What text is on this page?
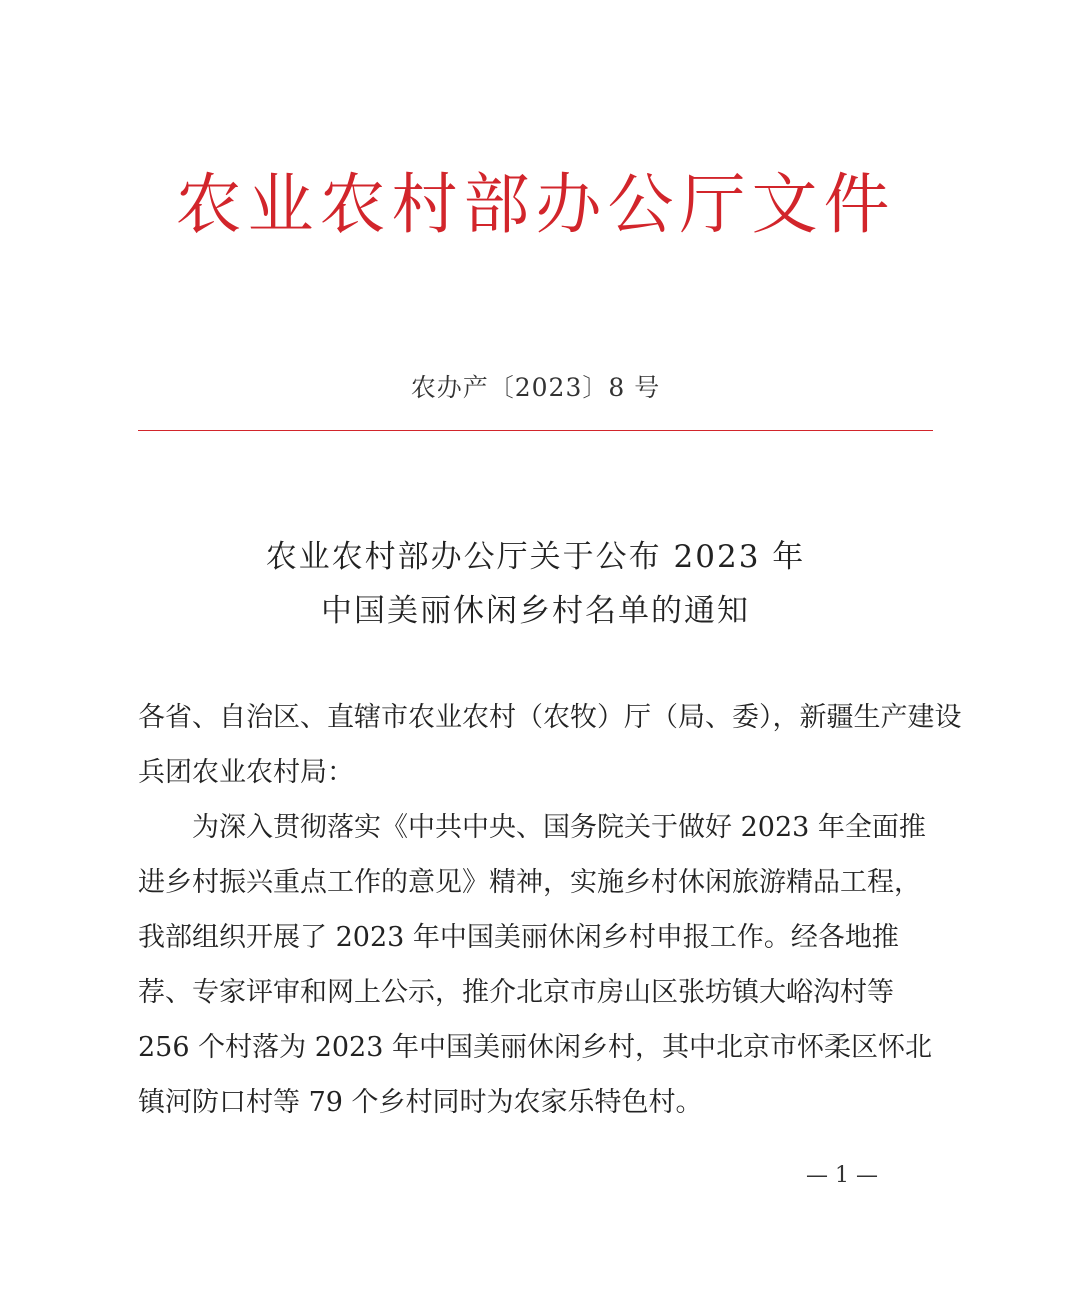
农业农村部办公厅文件
农办产〔2023〕8 号
农业农村部办公厅关于公布 2023 年
中国美丽休闲乡村名单的通知
各省、自治区、直辖市农业农村（农牧）厅（局、委），新疆生产建设
兵团农业农村局：
为深入贯彻落实《中共中央、国务院关于做好 2023 年全面推
进乡村振兴重点工作的意见》精神，实施乡村休闲旅游精品工程，
我部组织开展了 2023 年中国美丽休闲乡村申报工作。经各地推
荐、专家评审和网上公示，推介北京市房山区张坊镇大峪沟村等
256 个村落为 2023 年中国美丽休闲乡村，其中北京市怀柔区怀北
镇河防口村等 79 个乡村同时为农家乐特色村。
— 1 —
